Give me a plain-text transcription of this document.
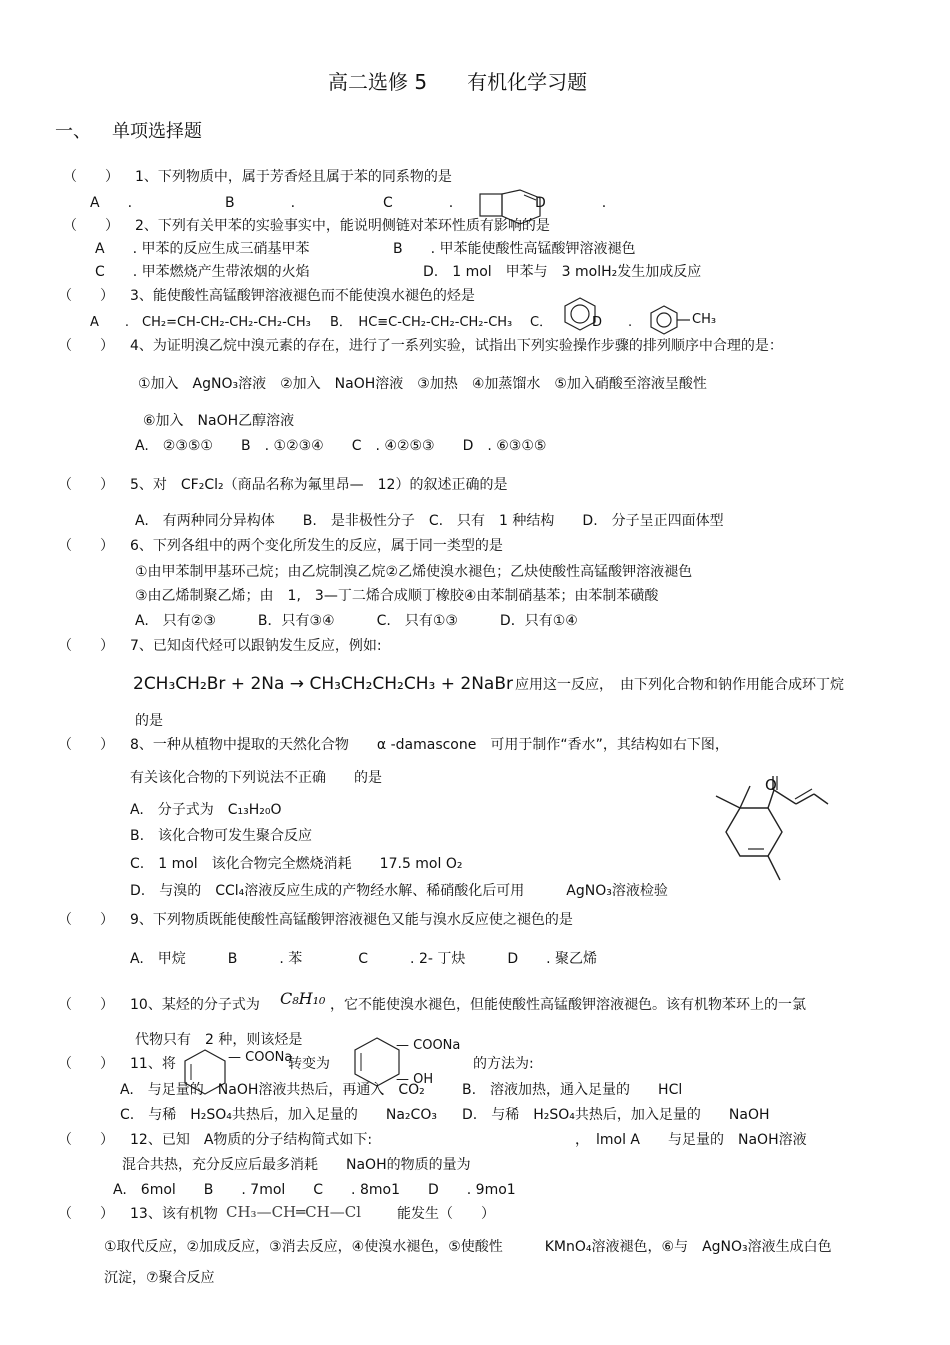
高二选修 5　　有机化学习题
一、 单项选择题
（　　） 1、下列物质中，属于芳香烃且属于苯的同系物的是
A　　.	B　　　　.	C　　　　.	D　　　　.
（　　） 2、下列有关甲苯的实验事实中，能说明侧链对苯环性质有影响的是
A　　. 甲苯的反应生成三硝基甲苯	B　　. 甲苯能使酸性高锰酸钾溶液褪色
C　　. 甲苯燃烧产生带浓烟的火焰	D.　1 mol　甲苯与　3 molH₂发生加成反应
（　　） 3、能使酸性高锰酸钾溶液褪色而不能使溴水褪色的烃是
A　　.　CH₂=CH-CH₂-CH₂-CH₂-CH₃ B．　HC≡C-CH₂-CH₂-CH₂-CH₃ C．	D　　.	CH₃
（　　） 4、为证明溴乙烷中溴元素的存在，进行了一系列实验，试指出下列实验操作步骤的排列顺序中合理的是：
①加入　AgNO₃溶液　②加入　NaOH溶液　③加热　④加蒸馏水　⑤加入硝酸至溶液呈酸性
⑥加入　NaOH乙醇溶液
A.　②③⑤①　　B　. ①②③④　　C　. ④②⑤③　　D　. ⑥③①⑤
（　　） 5、对　CF₂Cl₂（商品名称为氟里昂—　12）的叙述正确的是
A.　有两种同分异构体　　B.　是非极性分子　C.　只有　1 种结构　　D.　分子呈正四面体型
（　　） 6、下列各组中的两个变化所发生的反应，属于同一类型的是
①由甲苯制甲基环己烷；由乙烷制溴乙烷②乙烯使溴水褪色；乙炔使酸性高锰酸钾溶液褪色
③由乙烯制聚乙烯；由　1,　3—丁二烯合成顺丁橡胶④由苯制硝基苯；由苯制苯磺酸
A.　只有②③　　　B．只有③④　　　C.　只有①③　　　D．只有①④
（　　） 7、已知卤代烃可以跟钠发生反应，例如:
2CH₃CH₂Br + 2Na → CH₃CH₂CH₂CH₃ + 2NaBr 应用这一反应，　由下列化合物和钠作用能合成环丁烷
的是
（　　） 8、一种从植物中提取的天然化合物　　α -damascone　可用于制作“香水”，其结构如右下图，
有关该化合物的下列说法不正确　　的是
A.　分子式为　C₁₃H₂₀O
B.　该化合物可发生聚合反应
C.　1 mol　该化合物完全燃烧消耗　　17.5 mol O₂
D.　与溴的　CCl₄溶液反应生成的产物经水解、稀硝酸化后可用　　　AgNO₃溶液检验
O
（　　） 9、下列物质既能使酸性高锰酸钾溶液褪色又能与溴水反应使之褪色的是
A.　甲烷　　　B　　　. 苯　　　　C　　　. 2- 丁炔　　　D　　. 聚乙烯
（　　） 10、某烃的分子式为 C₈H₁₀ ，它不能使溴水褪色，但能使酸性高锰酸钾溶液褪色。该有机物苯环上的一氯
代物只有　2 种，则该烃是
（　　） 11、将	— COONa
转变为
— COONa
— OH
的方法为:
A.　与足量的　NaOH溶液共热后，再通入　CO₂	B.　溶液加热，通入足量的　　HCl
C.　与稀　H₂SO₄共热后，加入足量的　　Na₂CO₃ D.　与稀　H₂SO₄共热后，加入足量的　　NaOH
（　　） 12、已知　A物质的分子结构简式如下:	，　lmol A　　与足量的　NaOH溶液
混合共热，充分反应后最多消耗　　NaOH的物质的量为
A.　6mol　　B　　. 7mol　　C　　. 8mo1　　D　　. 9mo1
（　　） 13、该有机物 CH₃—CH═CH—Cl	能发生（　　）
①取代反应，②加成反应，③消去反应，④使溴水褪色，⑤使酸性　　　KMnO₄溶液褪色，⑥与　AgNO₃溶液生成白色
沉淀，⑦聚合反应
